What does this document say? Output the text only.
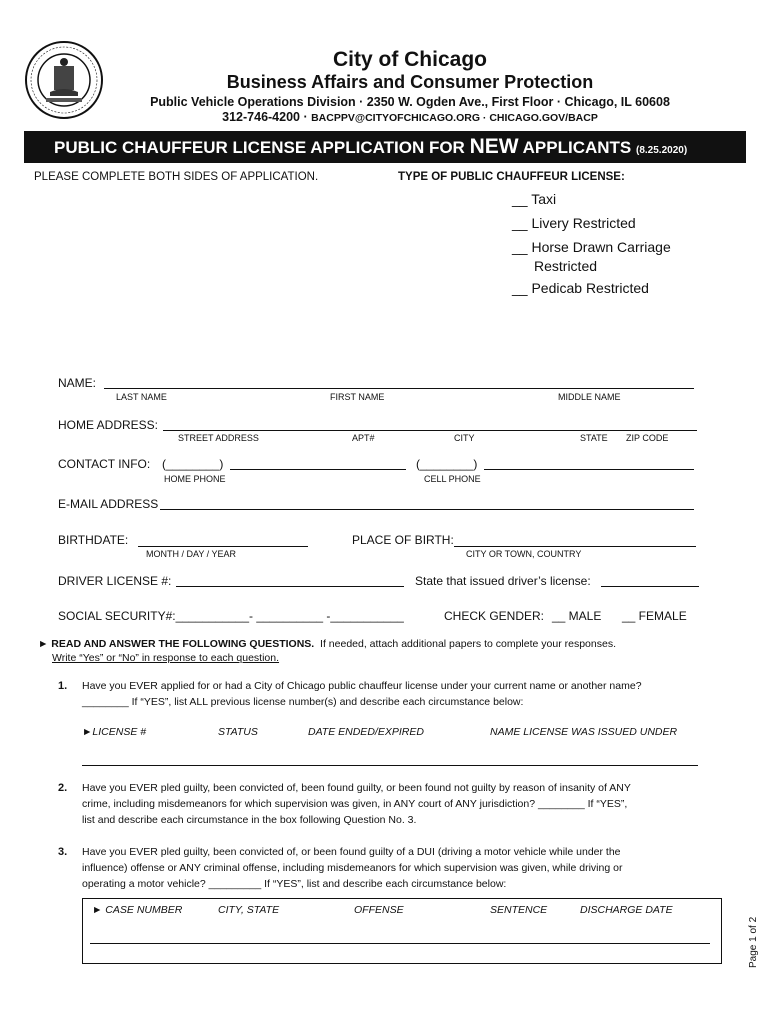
City of Chicago
Business Affairs and Consumer Protection
Public Vehicle Operations Division · 2350 W. Ogden Ave., First Floor · Chicago, IL 60608
312-746-4200 · BACPPV@CITYOFCHICAGO.ORG · CHICAGO.GOV/BACP
PUBLIC CHAUFFEUR LICENSE APPLICATION FOR NEW APPLICANTS (8.25.2020)
PLEASE COMPLETE BOTH SIDES OF APPLICATION.	TYPE OF PUBLIC CHAUFFEUR LICENSE:
__ Taxi
__ Livery Restricted
__ Horse Drawn Carriage
Restricted
__ Pedicab Restricted
NAME:
LAST NAME	FIRST NAME	MIDDLE NAME
HOME ADDRESS:
STREET ADDRESS	APT#	CITY	STATE ZIP CODE
CONTACT INFO: (________)
HOME PHONE
(________)
CELL PHONE
E-MAIL ADDRESS
BIRTHDATE:
MONTH / DAY / YEAR
PLACE OF BIRTH:
CITY OR TOWN, COUNTRY
DRIVER LICENSE #:	State that issued driver’s license:
SOCIAL SECURITY#:___________- __________ -___________	CHECK GENDER: __ MALE __ FEMALE
► READ AND ANSWER THE FOLLOWING QUESTIONS. If needed, attach additional papers to complete your responses.
Write “Yes” or “No” in response to each question.
1. Have you EVER applied for or had a City of Chicago public chauffeur license under your current name or another name?
________ If “YES”, list ALL previous license number(s) and describe each circumstance below:
►LICENSE #	STATUS	DATE ENDED/EXPIRED	NAME LICENSE WAS ISSUED UNDER
2. Have you EVER pled guilty, been convicted of, been found guilty, or been found not guilty by reason of insanity of ANY
crime, including misdemeanors for which supervision was given, in ANY court of ANY jurisdiction? ________ If “YES”,
list and describe each circumstance in the box following Question No. 3.
3. Have you EVER pled guilty, been convicted of, or been found guilty of a DUI (driving a motor vehicle while under the
influence) offense or ANY criminal offense, including misdemeanors for which supervision was given, while driving or
operating a motor vehicle? _________ If “YES”, list and describe each circumstance below:
► CASE NUMBER	CITY, STATE	OFFENSE	SENTENCE	DISCHARGE DATE
Page 1 of 2
